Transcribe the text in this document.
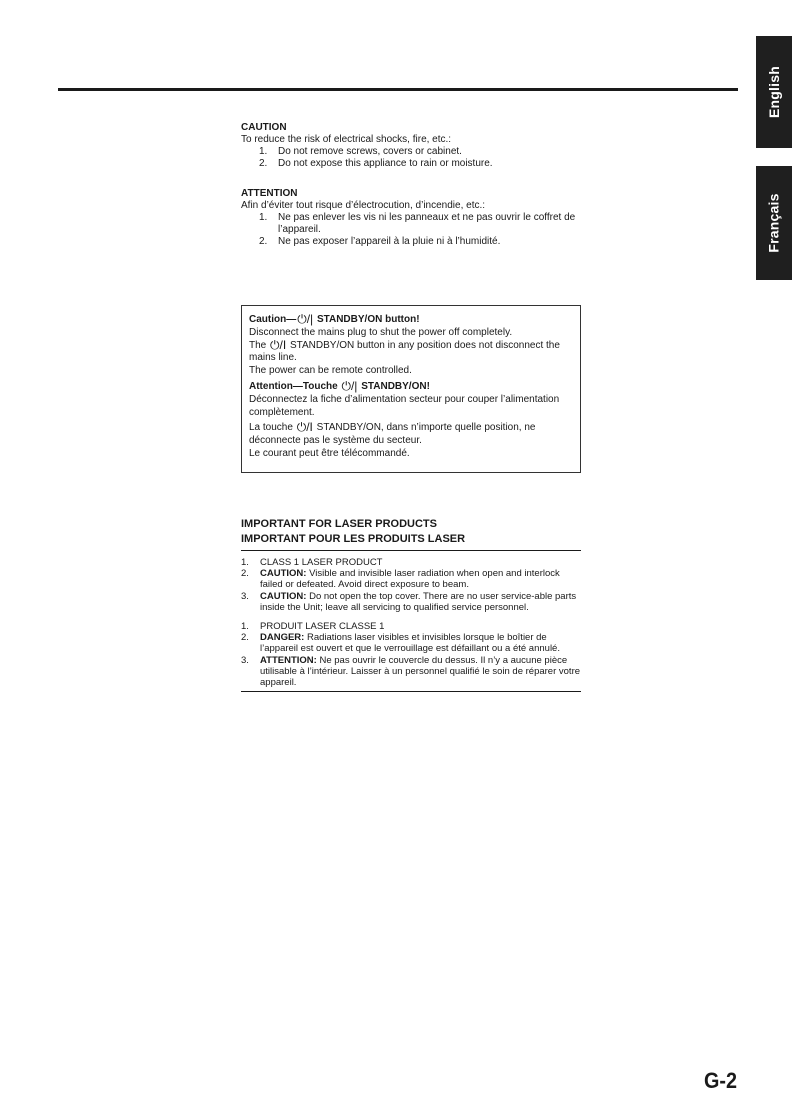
English
Français
CAUTION
To reduce the risk of electrical shocks, fire, etc.:
1. Do not remove screws, covers or cabinet.
2. Do not expose this appliance to rain or moisture.
ATTENTION
Afin d’éviter tout risque d’électrocution, d’incendie, etc.:
1. Ne pas enlever les vis ni les panneaux et ne pas ouvrir le coffret de l’appareil.
2. Ne pas exposer l’appareil à la pluie ni à l’humidité.

Caution—⏻/| STANDBY/ON button!

Disconnect the mains plug to shut the power off completely.

The ⏻/I STANDBY/ON button in any position does not disconnect the mains line.

The power can be remote controlled.

Attention—Touche ⏻/| STANDBY/ON!

Déconnectez la fiche d’alimentation secteur pour couper l’alimentation complètement.

La touche ⏻/I STANDBY/ON, dans n’importe quelle position, ne déconnecte pas le système du secteur.

Le courant peut être télécommandé.

IMPORTANT FOR LASER PRODUCTS
IMPORTANT POUR LES PRODUITS LASER
1. CLASS 1 LASER PRODUCT
2. CAUTION: Visible and invisible laser radiation when open and interlock failed or defeated. Avoid direct exposure to beam.
3. CAUTION: Do not open the top cover. There are no user service-able parts inside the Unit; leave all servicing to qualified service personnel.
1. PRODUIT LASER CLASSE 1
2. DANGER: Radiations laser visibles et invisibles lorsque le boîtier de l’appareil est ouvert et que le verrouillage est défaillant ou a été annulé.
3. ATTENTION: Ne pas ouvrir le couvercle du dessus. Il n’y a aucune pièce utilisable à l’intérieur. Laisser à un personnel qualifié le soin de réparer votre appareil.
G-2
